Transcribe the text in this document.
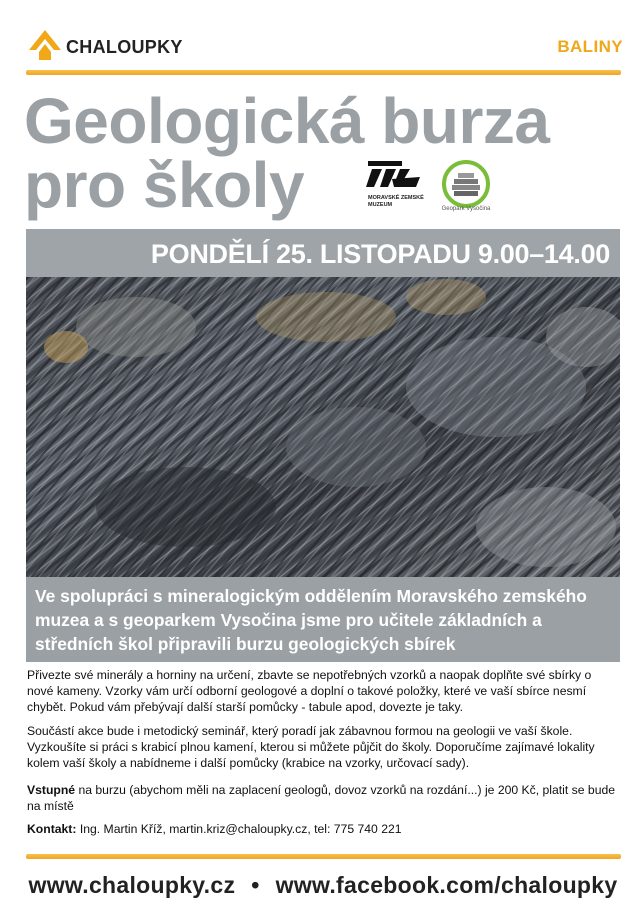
CHALOUPKY	BALINY
Geologická burza
pro školy	MORAVSKÉ ZEMSKÉ MUZEUM
Geopark Vysočina
PONDĚLÍ 25. LISTOPADU 9.00–14.00
Ve spolupráci s mineralogickým oddělením Moravského zemského muzea a s geoparkem Vysočina jsme pro učitele základních a středních škol připravili burzu geologických sbírek
Přivezte své minerály a horniny na určení, zbavte se nepotřebných vzorků a naopak doplňte své sbírky o nové kameny. Vzorky vám určí odborní geologové a doplní o takové položky, které ve vaší sbírce nesmí chybět. Pokud vám přebývají další starší pomůcky - tabule apod, dovezte je taky.
Součástí akce bude i metodický seminář, který poradí jak zábavnou formou na geologii ve vaší škole. Vyzkoušíte si práci s krabicí plnou kamení, kterou si můžete půjčit do školy. Doporučíme zajímavé lokality kolem vaší školy a nabídneme i další pomůcky (krabice na vzorky, určovací sady).
Vstupné na burzu (abychom měli na zaplacení geologů, dovoz vzorků na rozdání...) je 200 Kč, platit se bude na místě
Kontakt: Ing. Martin Kříž, martin.kriz@chaloupky.cz, tel: 775 740 221
www.chaloupky.cz • www.facebook.com/chaloupky
